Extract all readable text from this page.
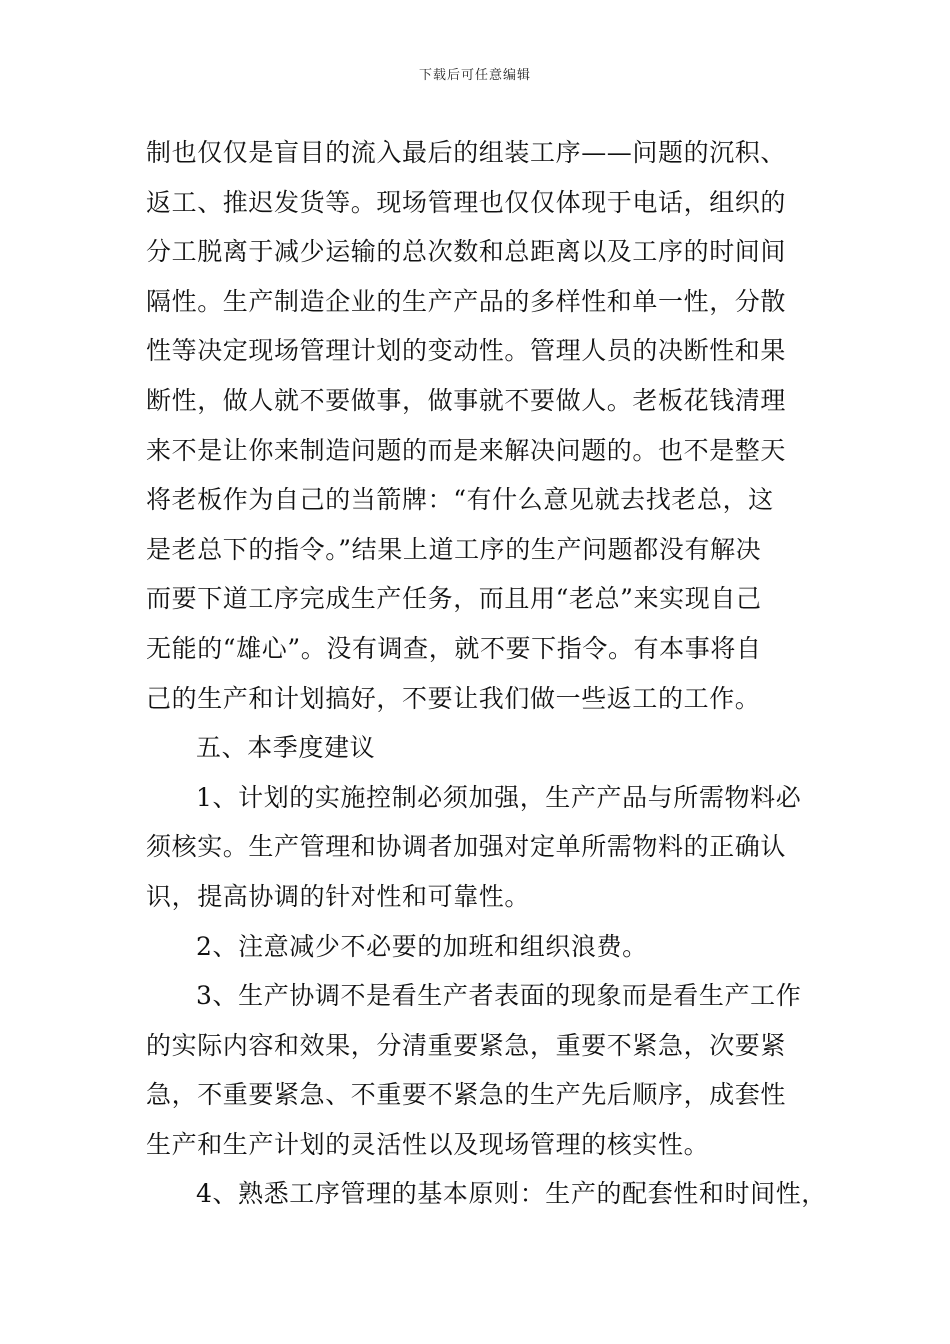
下载后可任意编辑
制也仅仅是盲目的流入最后的组装工序——问题的沉积、
返工、推迟发货等。现场管理也仅仅体现于电话，组织的
分工脱离于减少运输的总次数和总距离以及工序的时间间
隔性。生产制造企业的生产产品的多样性和单一性，分散
性等决定现场管理计划的变动性。管理人员的决断性和果
断性，做人就不要做事，做事就不要做人。老板花钱清理
来不是让你来制造问题的而是来解决问题的。也不是整天
将老板作为自己的当箭牌：“有什么意见就去找老总，这
是老总下的指令。”结果上道工序的生产问题都没有解决
而要下道工序完成生产任务，而且用“老总”来实现自己
无能的“雄心”。没有调查，就不要下指令。有本事将自
己的生产和计划搞好，不要让我们做一些返工的工作。
五、本季度建议
1、计划的实施控制必须加强，生产产品与所需物料必
须核实。生产管理和协调者加强对定单所需物料的正确认
识，提高协调的针对性和可靠性。
2、注意减少不必要的加班和组织浪费。
3、生产协调不是看生产者表面的现象而是看生产工作
的实际内容和效果，分清重要紧急，重要不紧急，次要紧
急，不重要紧急、不重要不紧急的生产先后顺序，成套性
生产和生产计划的灵活性以及现场管理的核实性。
4、熟悉工序管理的基本原则：生产的配套性和时间性，
